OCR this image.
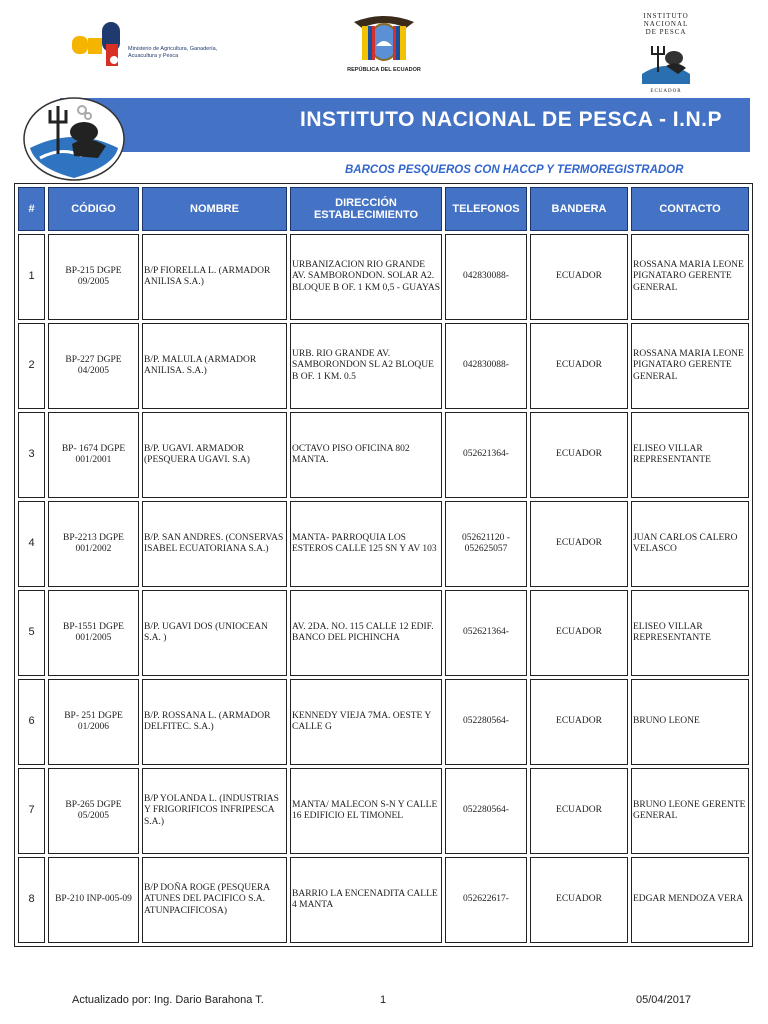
Ministerio de Agricultura, Ganadería, Acuacultura y Pesca
REPÚBLICA DEL ECUADOR
INSTITUTO
NACIONAL
DE PESCA
ECUADOR
INSTITUTO NACIONAL DE PESCA - I.N.P
BARCOS PESQUEROS CON HACCP Y TERMOREGISTRADOR
#	CÓDIGO	NOMBRE	DIRECCIÓN ESTABLECIMIENTO	TELEFONOS	BANDERA	CONTACTO
1	BP-215 DGPE 09/2005	B/P FIORELLA L. (ARMADOR ANILISA S.A.)	URBANIZACION RIO GRANDE AV. SAMBORONDON. SOLAR A2. BLOQUE B OF. 1 KM 0,5 - GUAYAS	042830088-	ECUADOR	ROSSANA MARIA LEONE PIGNATARO GERENTE GENERAL
2	BP-227 DGPE 04/2005	B/P. MALULA (ARMADOR ANILISA. S.A.)	URB. RIO GRANDE AV. SAMBORONDON SL A2 BLOQUE B OF. 1 KM. 0.5	042830088-	ECUADOR	ROSSANA MARIA LEONE PIGNATARO GERENTE GENERAL
3	BP- 1674 DGPE 001/2001	B/P. UGAVI. ARMADOR (PESQUERA UGAVI. S.A)	OCTAVO PISO OFICINA 802 MANTA.	052621364-	ECUADOR	ELISEO VILLAR REPRESENTANTE
4	BP-2213 DGPE 001/2002	B/P. SAN ANDRES. (CONSERVAS ISABEL ECUATORIANA S.A.)	MANTA- PARROQUIA LOS ESTEROS CALLE 125 SN Y AV 103	052621120 - 052625057	ECUADOR	JUAN CARLOS CALERO VELASCO
5	BP-1551 DGPE 001/2005	B/P. UGAVI DOS (UNIOCEAN S.A. )	AV. 2DA. NO. 115 CALLE 12 EDIF. BANCO DEL PICHINCHA	052621364-	ECUADOR	ELISEO VILLAR REPRESENTANTE
6	BP- 251 DGPE 01/2006	B/P. ROSSANA L. (ARMADOR DELFITEC. S.A.)	KENNEDY VIEJA 7MA. OESTE Y CALLE G	052280564-	ECUADOR	BRUNO LEONE
7	BP-265 DGPE 05/2005	B/P YOLANDA L. (INDUSTRIAS Y FRIGORIFICOS INFRIPESCA S.A.)	MANTA/ MALECON S-N Y CALLE 16 EDIFICIO EL TIMONEL	052280564-	ECUADOR	BRUNO LEONE GERENTE GENERAL
8	BP-210 INP-005-09	B/P DOÑA ROGE (PESQUERA ATUNES DEL PACIFICO S.A. ATUNPACIFICOSA)	BARRIO LA ENCENADITA CALLE 4 MANTA	052622617-	ECUADOR	EDGAR MENDOZA VERA
Actualizado por: Ing. Dario Barahona T.	1	05/04/2017
